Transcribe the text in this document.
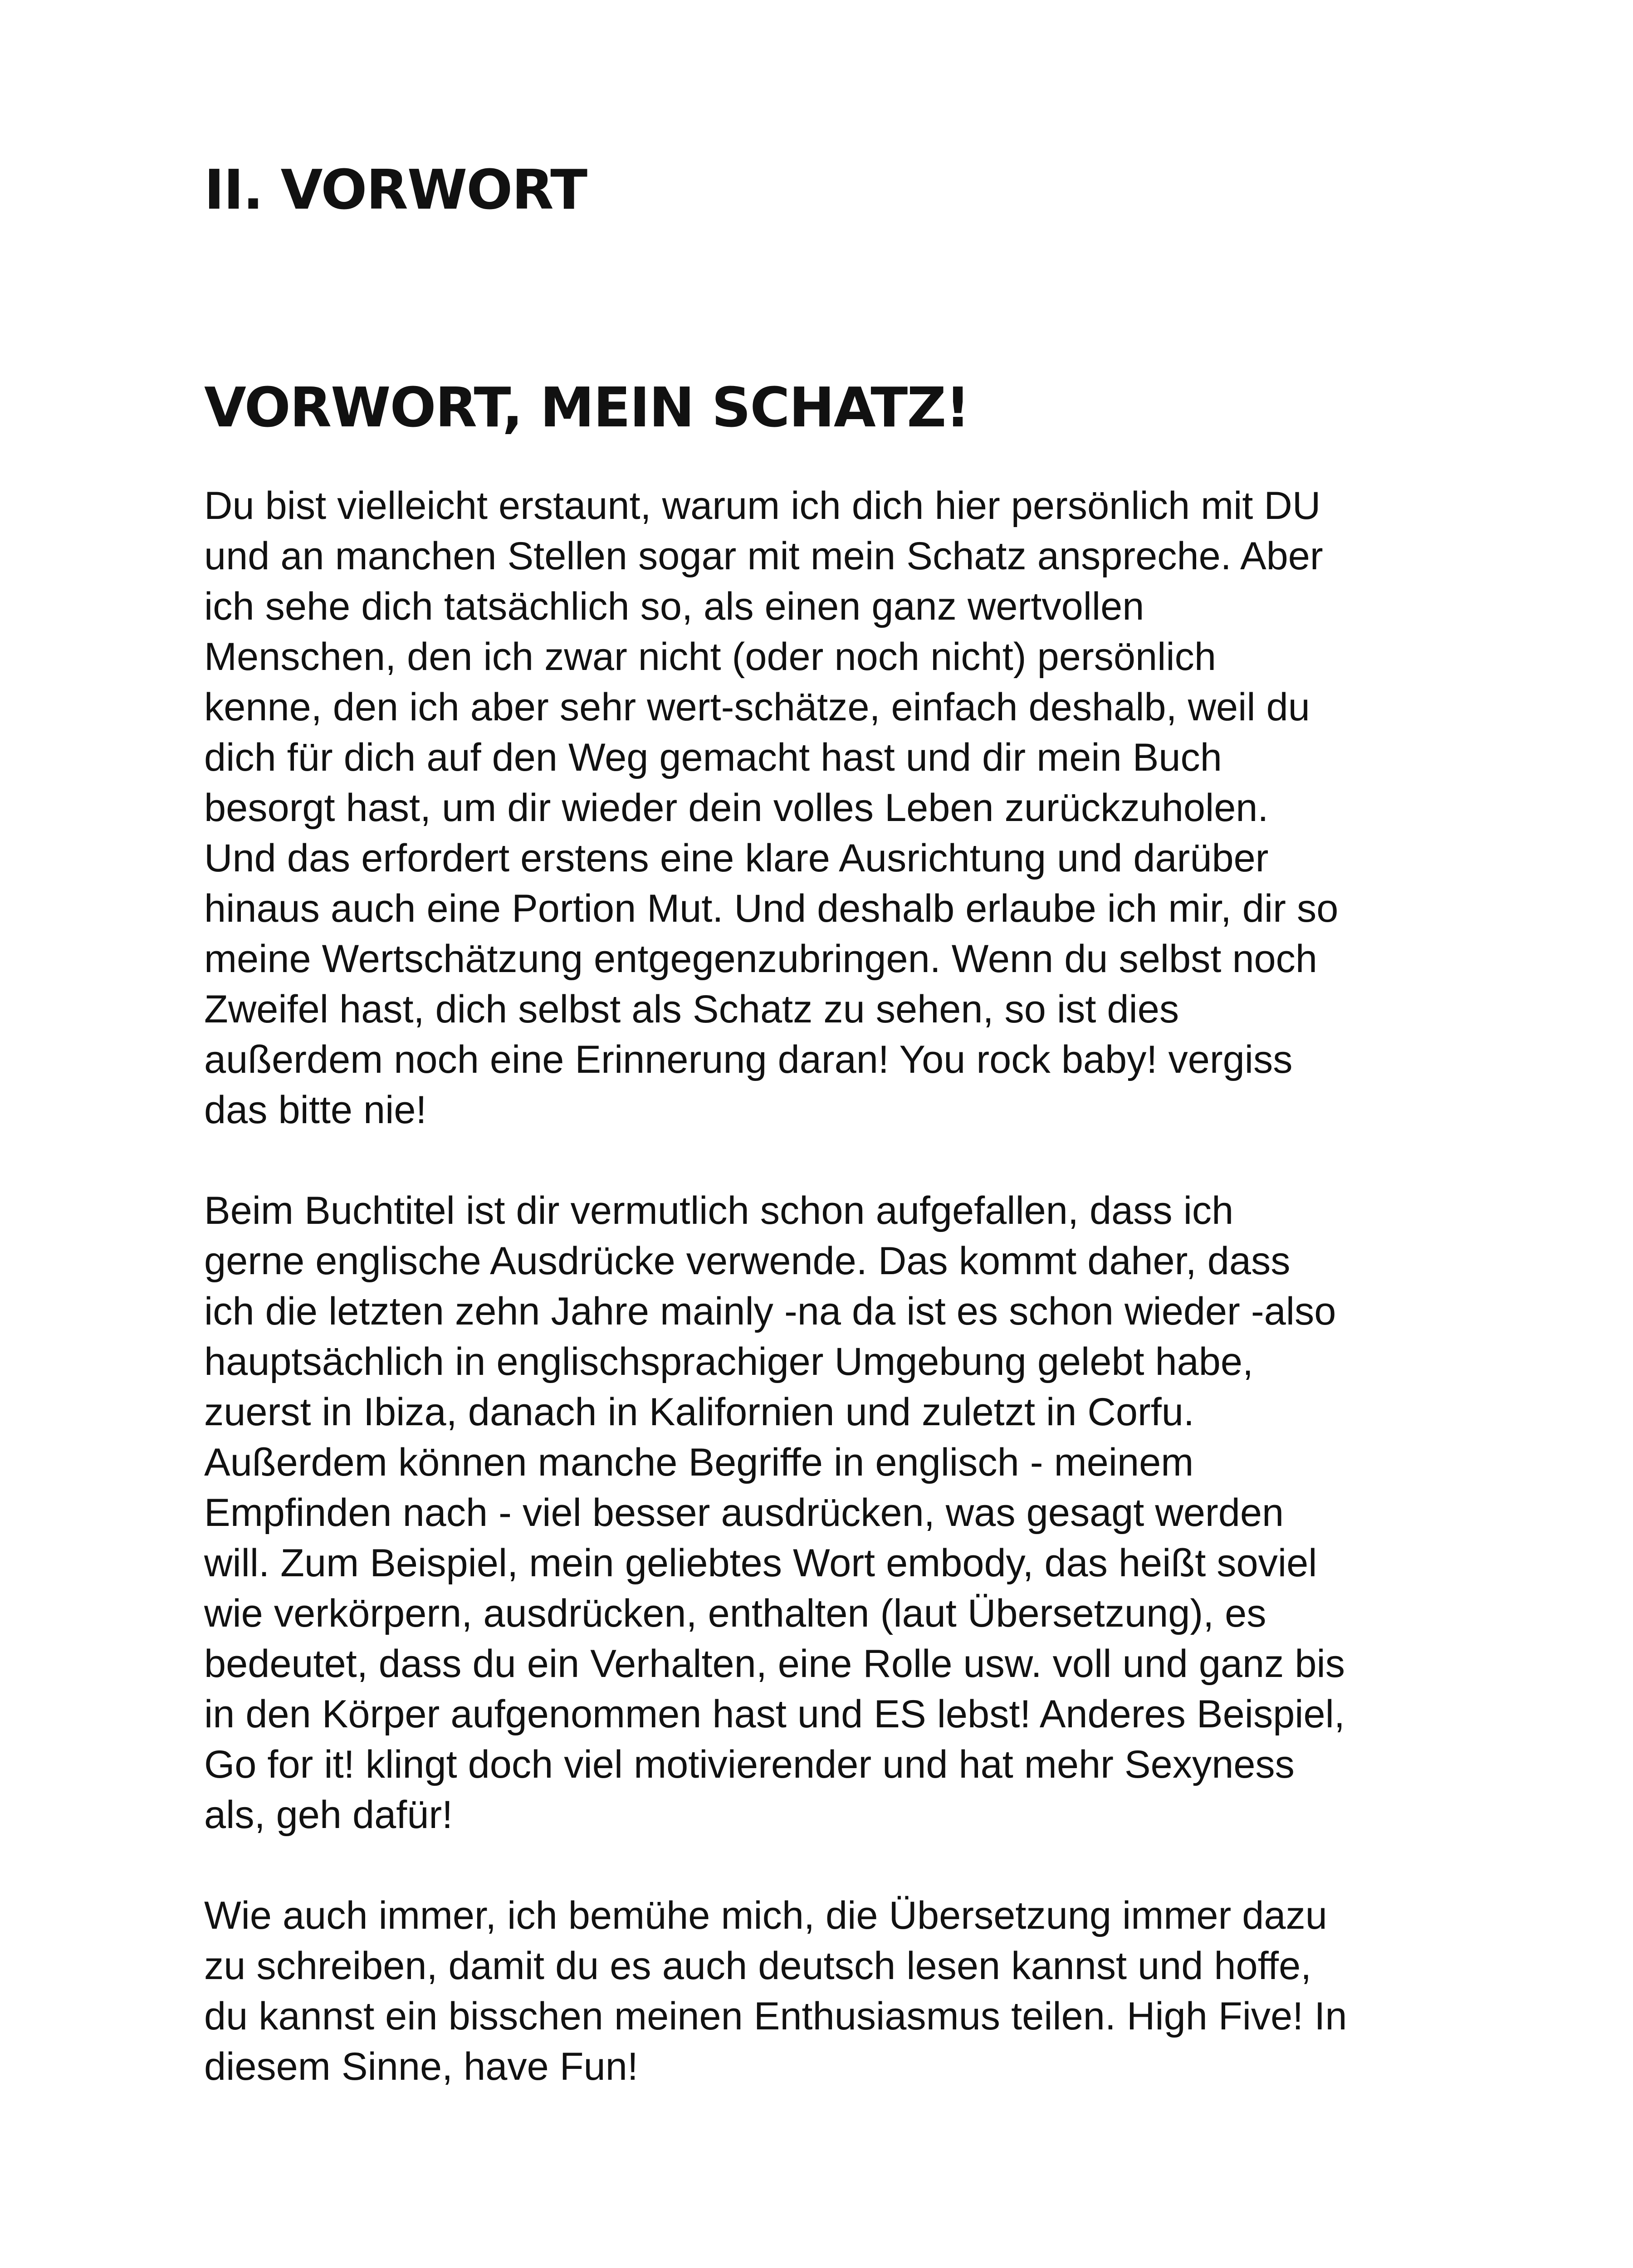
II. VORWORT
VORWORT, MEIN SCHATZ!

Du bist vielleicht erstaunt, warum ich dich hier persönlich mit DU
und an manchen Stellen sogar mit mein Schatz anspreche. Aber
ich sehe dich tatsächlich so, als einen ganz wertvollen
Menschen, den ich zwar nicht (oder noch nicht) persönlich
kenne, den ich aber sehr wert-schätze, einfach deshalb, weil du
dich für dich auf den Weg gemacht hast und dir mein Buch
besorgt hast, um dir wieder dein volles Leben zurückzuholen.
Und das erfordert erstens eine klare Ausrichtung und darüber
hinaus auch eine Portion Mut. Und deshalb erlaube ich mir, dir so
meine Wertschätzung entgegenzubringen. Wenn du selbst noch
Zweifel hast, dich selbst als Schatz zu sehen, so ist dies
außerdem noch eine Erinnerung daran! You rock baby! vergiss
das bitte nie!

Beim Buchtitel ist dir vermutlich schon aufgefallen, dass ich
gerne englische Ausdrücke verwende. Das kommt daher, dass
ich die letzten zehn Jahre mainly -na da ist es schon wieder -also
hauptsächlich in englischsprachiger Umgebung gelebt habe,
zuerst in Ibiza, danach in Kalifornien und zuletzt in Corfu.
Außerdem können manche Begriffe in englisch - meinem
Empfinden nach - viel besser ausdrücken, was gesagt werden
will. Zum Beispiel, mein geliebtes Wort embody, das heißt soviel
wie verkörpern, ausdrücken, enthalten (laut Übersetzung), es
bedeutet, dass du ein Verhalten, eine Rolle usw. voll und ganz bis
in den Körper aufgenommen hast und ES lebst! Anderes Beispiel,
Go for it! klingt doch viel motivierender und hat mehr Sexyness
als, geh dafür!

Wie auch immer, ich bemühe mich, die Übersetzung immer dazu
zu schreiben, damit du es auch deutsch lesen kannst und hoffe,
du kannst ein bisschen meinen Enthusiasmus teilen. High Five! In
diesem Sinne, have Fun!
